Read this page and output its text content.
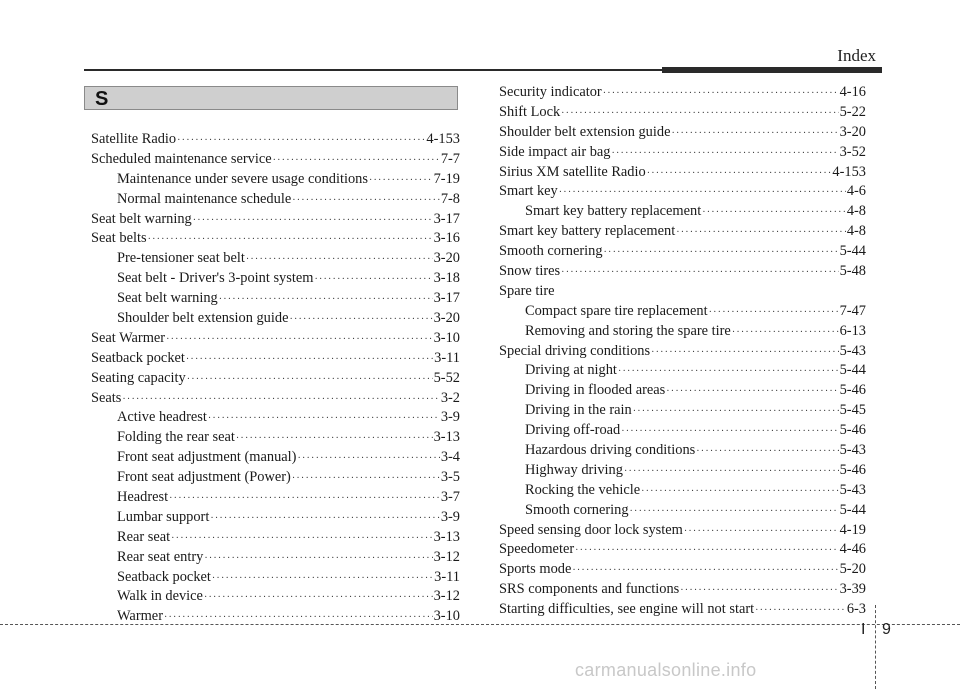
Index
S
Satellite Radio ·····	4-153
Scheduled maintenance service ·····	7-7
Maintenance under severe usage conditions ·····	7-19
Normal maintenance schedule ·····	7-8
Seat belt warning ·····	3-17
Seat belts ·····	3-16
Pre-tensioner seat belt ·····	3-20
Seat belt - Driver's 3-point system ·····	3-18
Seat belt warning ·····	3-17
Shoulder belt extension guide ·····	3-20
Seat Warmer ·····	3-10
Seatback pocket ·····	3-11
Seating capacity ·····	5-52
Seats ·····	3-2
Active headrest ·····	3-9
Folding the rear seat ·····	3-13
Front seat adjustment (manual) ·····	3-4
Front seat adjustment (Power) ·····	3-5
Headrest ·····	3-7
Lumbar support ·····	3-9
Rear seat ·····	3-13
Rear seat entry ·····	3-12
Seatback pocket ·····	3-11
Walk in device ·····	3-12
Warmer ·····	3-10
Security indicator ·····	4-16
Shift Lock ·····	5-22
Shoulder belt extension guide ·····	3-20
Side impact air bag ·····	3-52
Sirius XM satellite Radio ·····	4-153
Smart key ·····	4-6
Smart key battery replacement ·····	4-8
Smart key battery replacement ·····	4-8
Smooth cornering ·····	5-44
Snow tires ·····	5-48
Spare tire
Compact spare tire replacement ·····	7-47
Removing and storing the spare tire ·····	6-13
Special driving conditions ·····	5-43
Driving at night ·····	5-44
Driving in flooded areas ·····	5-46
Driving in the rain ·····	5-45
Driving off-road ·····	5-46
Hazardous driving conditions ·····	5-43
Highway driving ·····	5-46
Rocking the vehicle ·····	5-43
Smooth cornering ·····	5-44
Speed sensing door lock system ·····	4-19
Speedometer ·····	4-46
Sports mode ·····	5-20
SRS components and functions ·····	3-39
Starting difficulties, see engine will not start ·····	6-3
I 9
carmanualsonline.info
